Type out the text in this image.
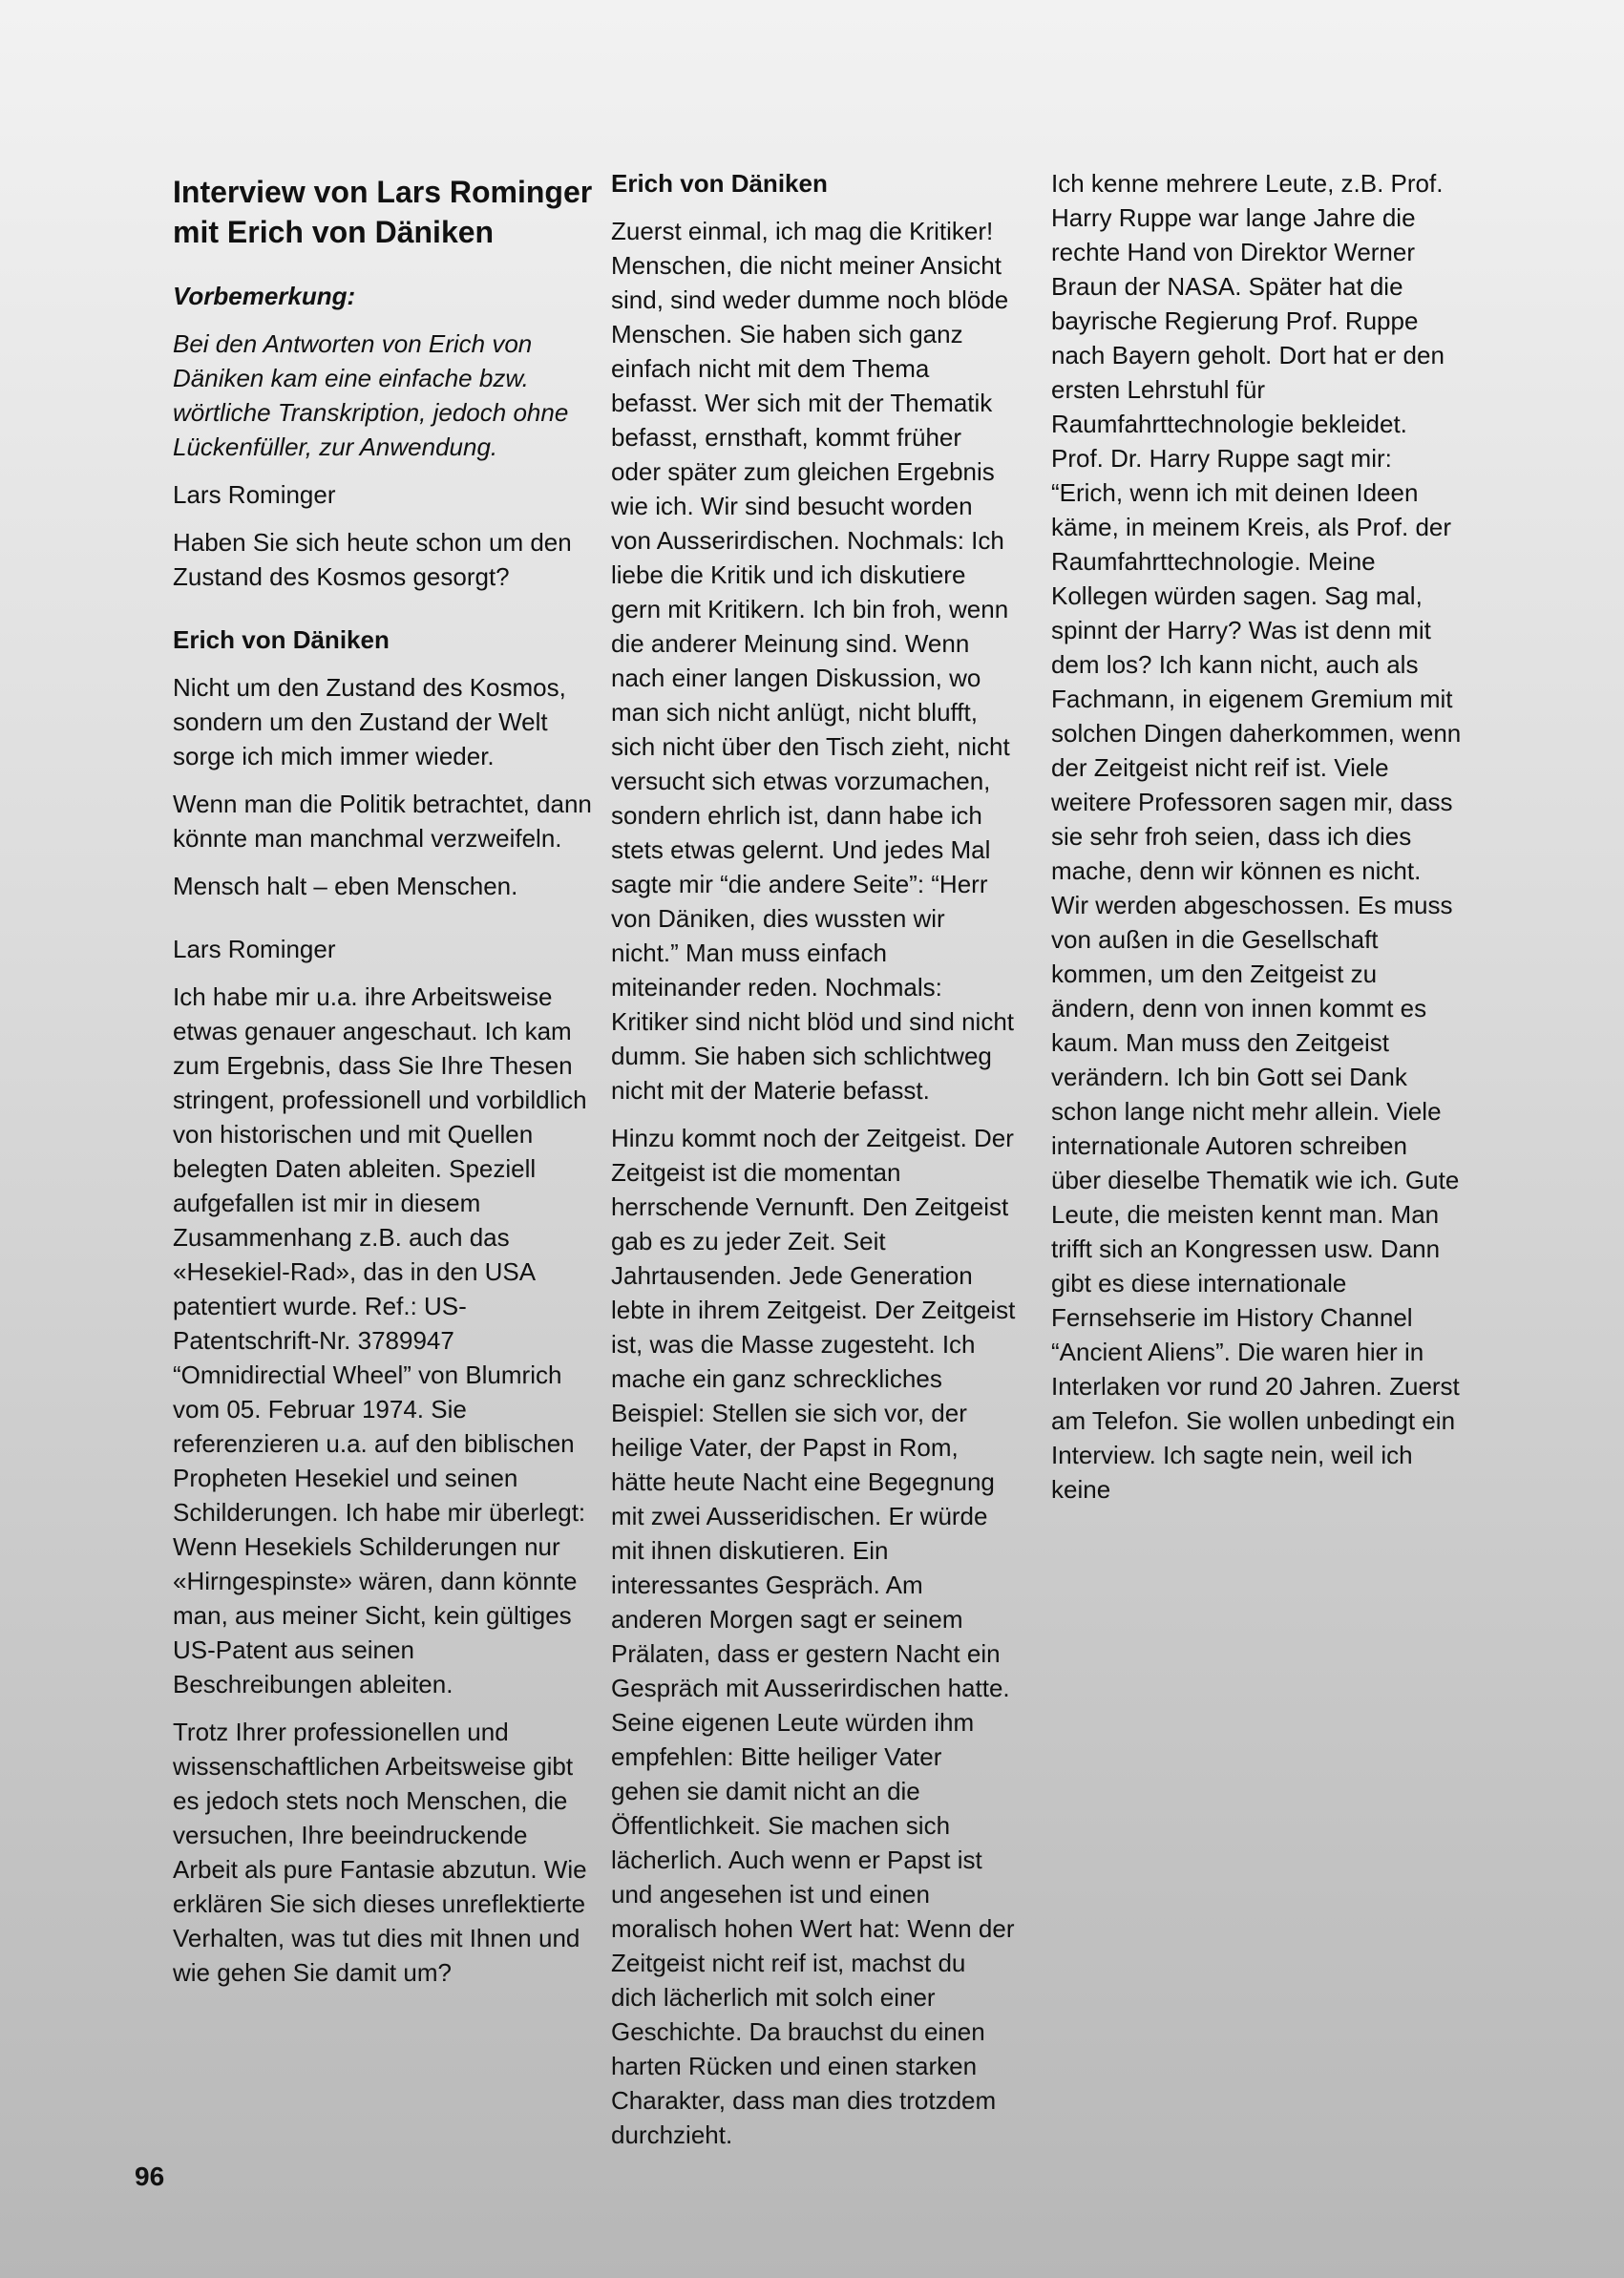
Interview von Lars Rominger mit Erich von Däniken

Vorbemerkung:

Bei den Antworten von Erich von Däniken kam eine einfache bzw. wörtliche Transkription, jedoch ohne Lückenfüller, zur Anwendung.

Lars Rominger

Haben Sie sich heute schon um den Zustand des Kosmos gesorgt?

Erich von Däniken

Nicht um den Zustand des Kosmos, sondern um den Zustand der Welt sorge ich mich immer wieder.

Wenn man die Politik betrachtet, dann könnte man manchmal verzweifeln.

Mensch halt – eben Menschen.

Lars Rominger

Ich habe mir u.a. ihre Arbeitsweise etwas genauer angeschaut. Ich kam zum Ergebnis, dass Sie Ihre Thesen stringent, professionell und vorbildlich von historischen und mit Quellen belegten Daten ableiten. Speziell aufgefallen ist mir in diesem Zusammenhang z.B. auch das «Hesekiel-Rad», das in den USA patentiert wurde. Ref.: US-Patentschrift-Nr. 3789947 “Omnidirectial Wheel” von Blumrich vom 05. Februar 1974. Sie referenzieren u.a. auf den biblischen Propheten Hesekiel und seinen Schilderungen. Ich habe mir überlegt: Wenn Hesekiels Schilderungen nur «Hirngespinste» wären, dann könnte man, aus meiner Sicht, kein gültiges US-Patent aus seinen Beschreibungen ableiten.

Trotz Ihrer professionellen und wissenschaftlichen Arbeitsweise gibt es jedoch stets noch Menschen, die versuchen, Ihre beeindruckende Arbeit als pure Fantasie abzutun. Wie erklären Sie sich dieses unreflektierte Verhalten, was tut dies mit Ihnen und wie gehen Sie damit um?

Erich von Däniken

Zuerst einmal, ich mag die Kritiker! Menschen, die nicht meiner Ansicht sind, sind weder dumme noch blöde Menschen. Sie haben sich ganz einfach nicht mit dem Thema befasst. Wer sich mit der Thematik befasst, ernsthaft, kommt früher oder später zum gleichen Ergebnis wie ich. Wir sind besucht worden von Ausserirdischen. Nochmals: Ich liebe die Kritik und ich diskutiere gern mit Kritikern. Ich bin froh, wenn die anderer Meinung sind. Wenn nach einer langen Diskussion, wo man sich nicht anlügt, nicht blufft, sich nicht über den Tisch zieht, nicht versucht sich etwas vorzumachen, sondern ehrlich ist, dann habe ich stets etwas gelernt. Und jedes Mal sagte mir “die andere Seite”: “Herr von Däniken, dies wussten wir nicht.” Man muss einfach miteinander reden. Nochmals: Kritiker sind nicht blöd und sind nicht dumm. Sie haben sich schlichtweg nicht mit der Materie befasst.

Hinzu kommt noch der Zeitgeist. Der Zeitgeist ist die momentan herrschende Vernunft. Den Zeitgeist gab es zu jeder Zeit. Seit Jahrtausenden. Jede Generation lebte in ihrem Zeitgeist. Der Zeitgeist ist, was die Masse zugesteht. Ich mache ein ganz schreckliches Beispiel: Stellen sie sich vor, der heilige Vater, der Papst in Rom, hätte heute Nacht eine Begegnung mit zwei Ausseridischen. Er würde mit ihnen diskutieren. Ein interessantes Gespräch. Am anderen Morgen sagt er seinem Prälaten, dass er gestern Nacht ein Gespräch mit Ausserirdischen hatte. Seine eigenen Leute würden ihm empfehlen: Bitte heiliger Vater gehen sie damit nicht an die Öffentlichkeit. Sie machen sich lächerlich. Auch wenn er Papst ist und angesehen ist und einen moralisch hohen Wert hat: Wenn der Zeitgeist nicht reif ist, machst du dich lächerlich mit solch einer Geschichte. Da brauchst du einen harten Rücken und einen starken Charakter, dass man dies trotzdem durchzieht.

Ich kenne mehrere Leute, z.B. Prof. Harry Ruppe war lange Jahre die rechte Hand von Direktor Werner Braun der NASA. Später hat die bayrische Regierung Prof. Ruppe nach Bayern geholt. Dort hat er den ersten Lehrstuhl für Raumfahrttechnologie bekleidet. Prof. Dr. Harry Ruppe sagt mir: “Erich, wenn ich mit deinen Ideen käme, in meinem Kreis, als Prof. der Raumfahrttechnologie. Meine Kollegen würden sagen. Sag mal, spinnt der Harry? Was ist denn mit dem los? Ich kann nicht, auch als Fachmann, in eigenem Gremium mit solchen Dingen daherkommen, wenn der Zeitgeist nicht reif ist. Viele weitere Professoren sagen mir, dass sie sehr froh seien, dass ich dies mache, denn wir können es nicht. Wir werden abgeschossen. Es muss von außen in die Gesellschaft kommen, um den Zeitgeist zu ändern, denn von innen kommt es kaum. Man muss den Zeitgeist verändern. Ich bin Gott sei Dank schon lange nicht mehr allein. Viele internationale Autoren schreiben über dieselbe Thematik wie ich. Gute Leute, die meisten kennt man. Man trifft sich an Kongressen usw. Dann gibt es diese internationale Fernsehserie im History Channel “Ancient Aliens”. Die waren hier in Interlaken vor rund 20 Jahren. Zuerst am Telefon. Sie wollen unbedingt ein Interview. Ich sagte nein, weil ich keine

96
